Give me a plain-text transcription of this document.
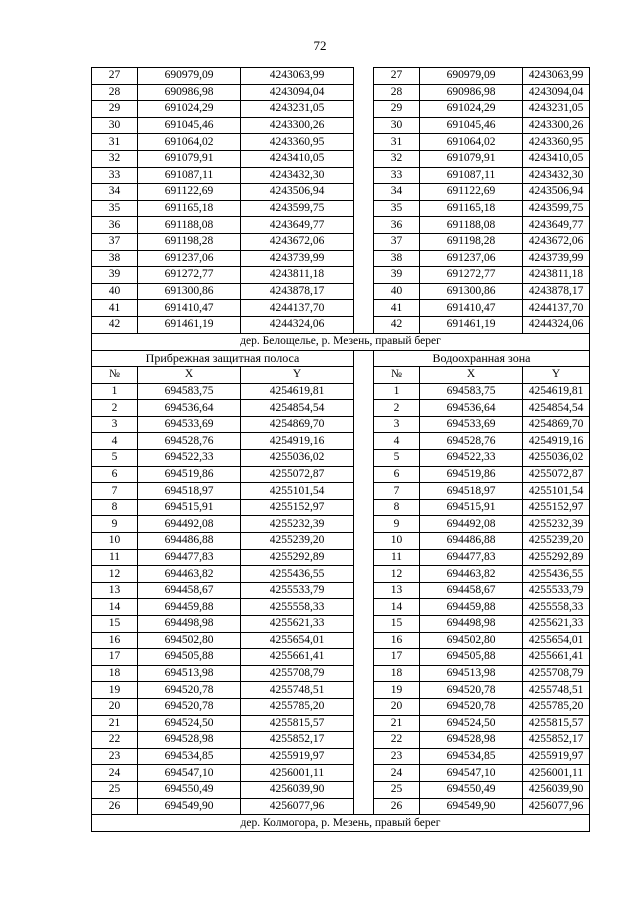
72
27	690979,09	4243063,99		27	690979,09	4243063,99
28	690986,98	4243094,04		28	690986,98	4243094,04
29	691024,29	4243231,05		29	691024,29	4243231,05
30	691045,46	4243300,26		30	691045,46	4243300,26
31	691064,02	4243360,95		31	691064,02	4243360,95
32	691079,91	4243410,05		32	691079,91	4243410,05
33	691087,11	4243432,30		33	691087,11	4243432,30
34	691122,69	4243506,94		34	691122,69	4243506,94
35	691165,18	4243599,75		35	691165,18	4243599,75
36	691188,08	4243649,77		36	691188,08	4243649,77
37	691198,28	4243672,06		37	691198,28	4243672,06
38	691237,06	4243739,99		38	691237,06	4243739,99
39	691272,77	4243811,18		39	691272,77	4243811,18
40	691300,86	4243878,17		40	691300,86	4243878,17
41	691410,47	4244137,70		41	691410,47	4244137,70
42	691461,19	4244324,06		42	691461,19	4244324,06
дер. Белощелье, р. Мезень, правый берег						
Прибрежная защитная полоса				Водоохранная зона		
№	X	Y		№	X	Y
1	694583,75	4254619,81		1	694583,75	4254619,81
2	694536,64	4254854,54		2	694536,64	4254854,54
3	694533,69	4254869,70		3	694533,69	4254869,70
4	694528,76	4254919,16		4	694528,76	4254919,16
5	694522,33	4255036,02		5	694522,33	4255036,02
6	694519,86	4255072,87		6	694519,86	4255072,87
7	694518,97	4255101,54		7	694518,97	4255101,54
8	694515,91	4255152,97		8	694515,91	4255152,97
9	694492,08	4255232,39		9	694492,08	4255232,39
10	694486,88	4255239,20		10	694486,88	4255239,20
11	694477,83	4255292,89		11	694477,83	4255292,89
12	694463,82	4255436,55		12	694463,82	4255436,55
13	694458,67	4255533,79		13	694458,67	4255533,79
14	694459,88	4255558,33		14	694459,88	4255558,33
15	694498,98	4255621,33		15	694498,98	4255621,33
16	694502,80	4255654,01		16	694502,80	4255654,01
17	694505,88	4255661,41		17	694505,88	4255661,41
18	694513,98	4255708,79		18	694513,98	4255708,79
19	694520,78	4255748,51		19	694520,78	4255748,51
20	694520,78	4255785,20		20	694520,78	4255785,20
21	694524,50	4255815,57		21	694524,50	4255815,57
22	694528,98	4255852,17		22	694528,98	4255852,17
23	694534,85	4255919,97		23	694534,85	4255919,97
24	694547,10	4256001,11		24	694547,10	4256001,11
25	694550,49	4256039,90		25	694550,49	4256039,90
26	694549,90	4256077,96		26	694549,90	4256077,96
дер. Колмогора, р. Мезень, правый берег						
